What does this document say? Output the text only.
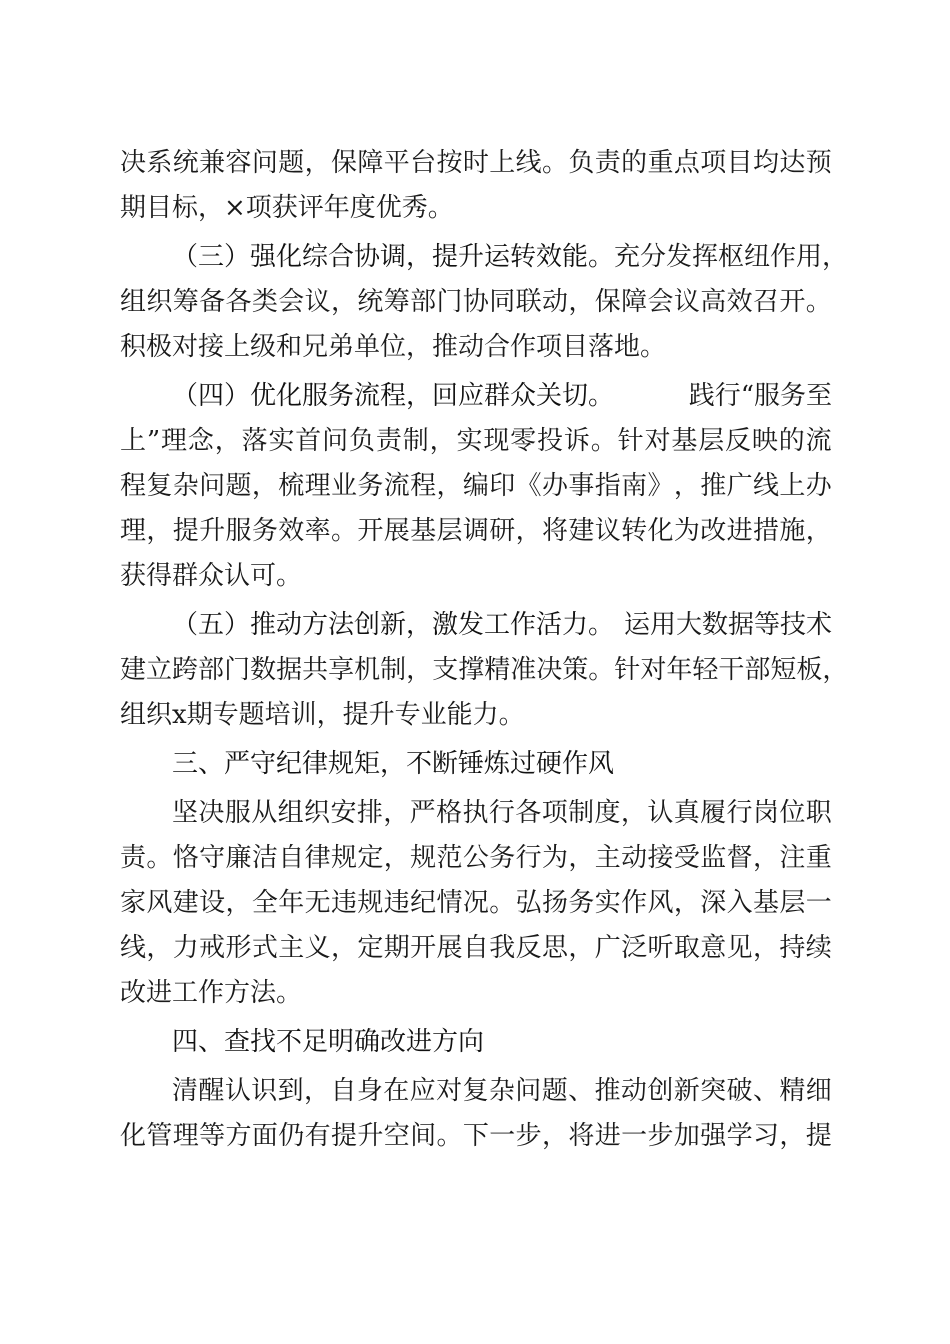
决 系 统 兼 容 问 题 ， 保 障 平 台 按 时 上 线 。 负 责 的 重 点 项 目 均 达 预
期目标，×项获评年度优秀。
（三）强化综合协调，提升运转效能。 充分发挥枢纽作用，
组 织 筹 备 各 类 会 议 ， 统 筹 部 门 协 同 联 动 ， 保 障 会 议 高 效 召 开 。
积极对接上级和兄弟单位，推动合作项目落地。
（四）优化服务流程，回应群众关切。	践行“服务至
上 ” 理 念 ， 落 实 首 问 负 责 制 ， 实 现 零 投 诉 。 针 对 基 层 反 映 的 流
程 复 杂 问 题 ， 梳 理 业 务 流 程 ， 编 印 《 办 事 指 南 》 ， 推 广 线 上 办
理 ， 提 升 服 务 效 率 。 开 展 基 层 调 研 ， 将 建 议 转 化 为 改 进 措 施 ，
获得群众认可。
（五）推动方法创新，激发工作活力。 运用大数据等技术
建 立 跨 部 门 数 据 共 享 机 制 ， 支 撑 精 准 决 策 。 针 对 年 轻 干 部 短 板 ，
组织x期专题培训，提升专业能力。
三、严守纪律规矩，不断锤炼过硬作风
坚 决 服 从 组 织 安 排 ， 严 格 执 行 各 项 制 度 ， 认 真 履 行 岗 位 职
责 。 恪 守 廉 洁 自 律 规 定 ， 规 范 公 务 行 为 ， 主 动 接 受 监 督 ， 注 重
家 风 建 设 ， 全 年 无 违 规 违 纪 情 况 。 弘 扬 务 实 作 风 ， 深 入 基 层 一
线 ， 力 戒 形 式 主 义 ， 定 期 开 展 自 我 反 思 ， 广 泛 听 取 意 见 ， 持 续
改进工作方法。
四、查找不足明确改进方向
清 醒 认 识 到 ， 自 身 在 应 对 复 杂 问 题 、 推 动 创 新 突 破 、 精 细
化 管 理 等 方 面 仍 有 提 升 空 间 。 下 一 步 ， 将 进 一 步 加 强 学 习 ， 提
